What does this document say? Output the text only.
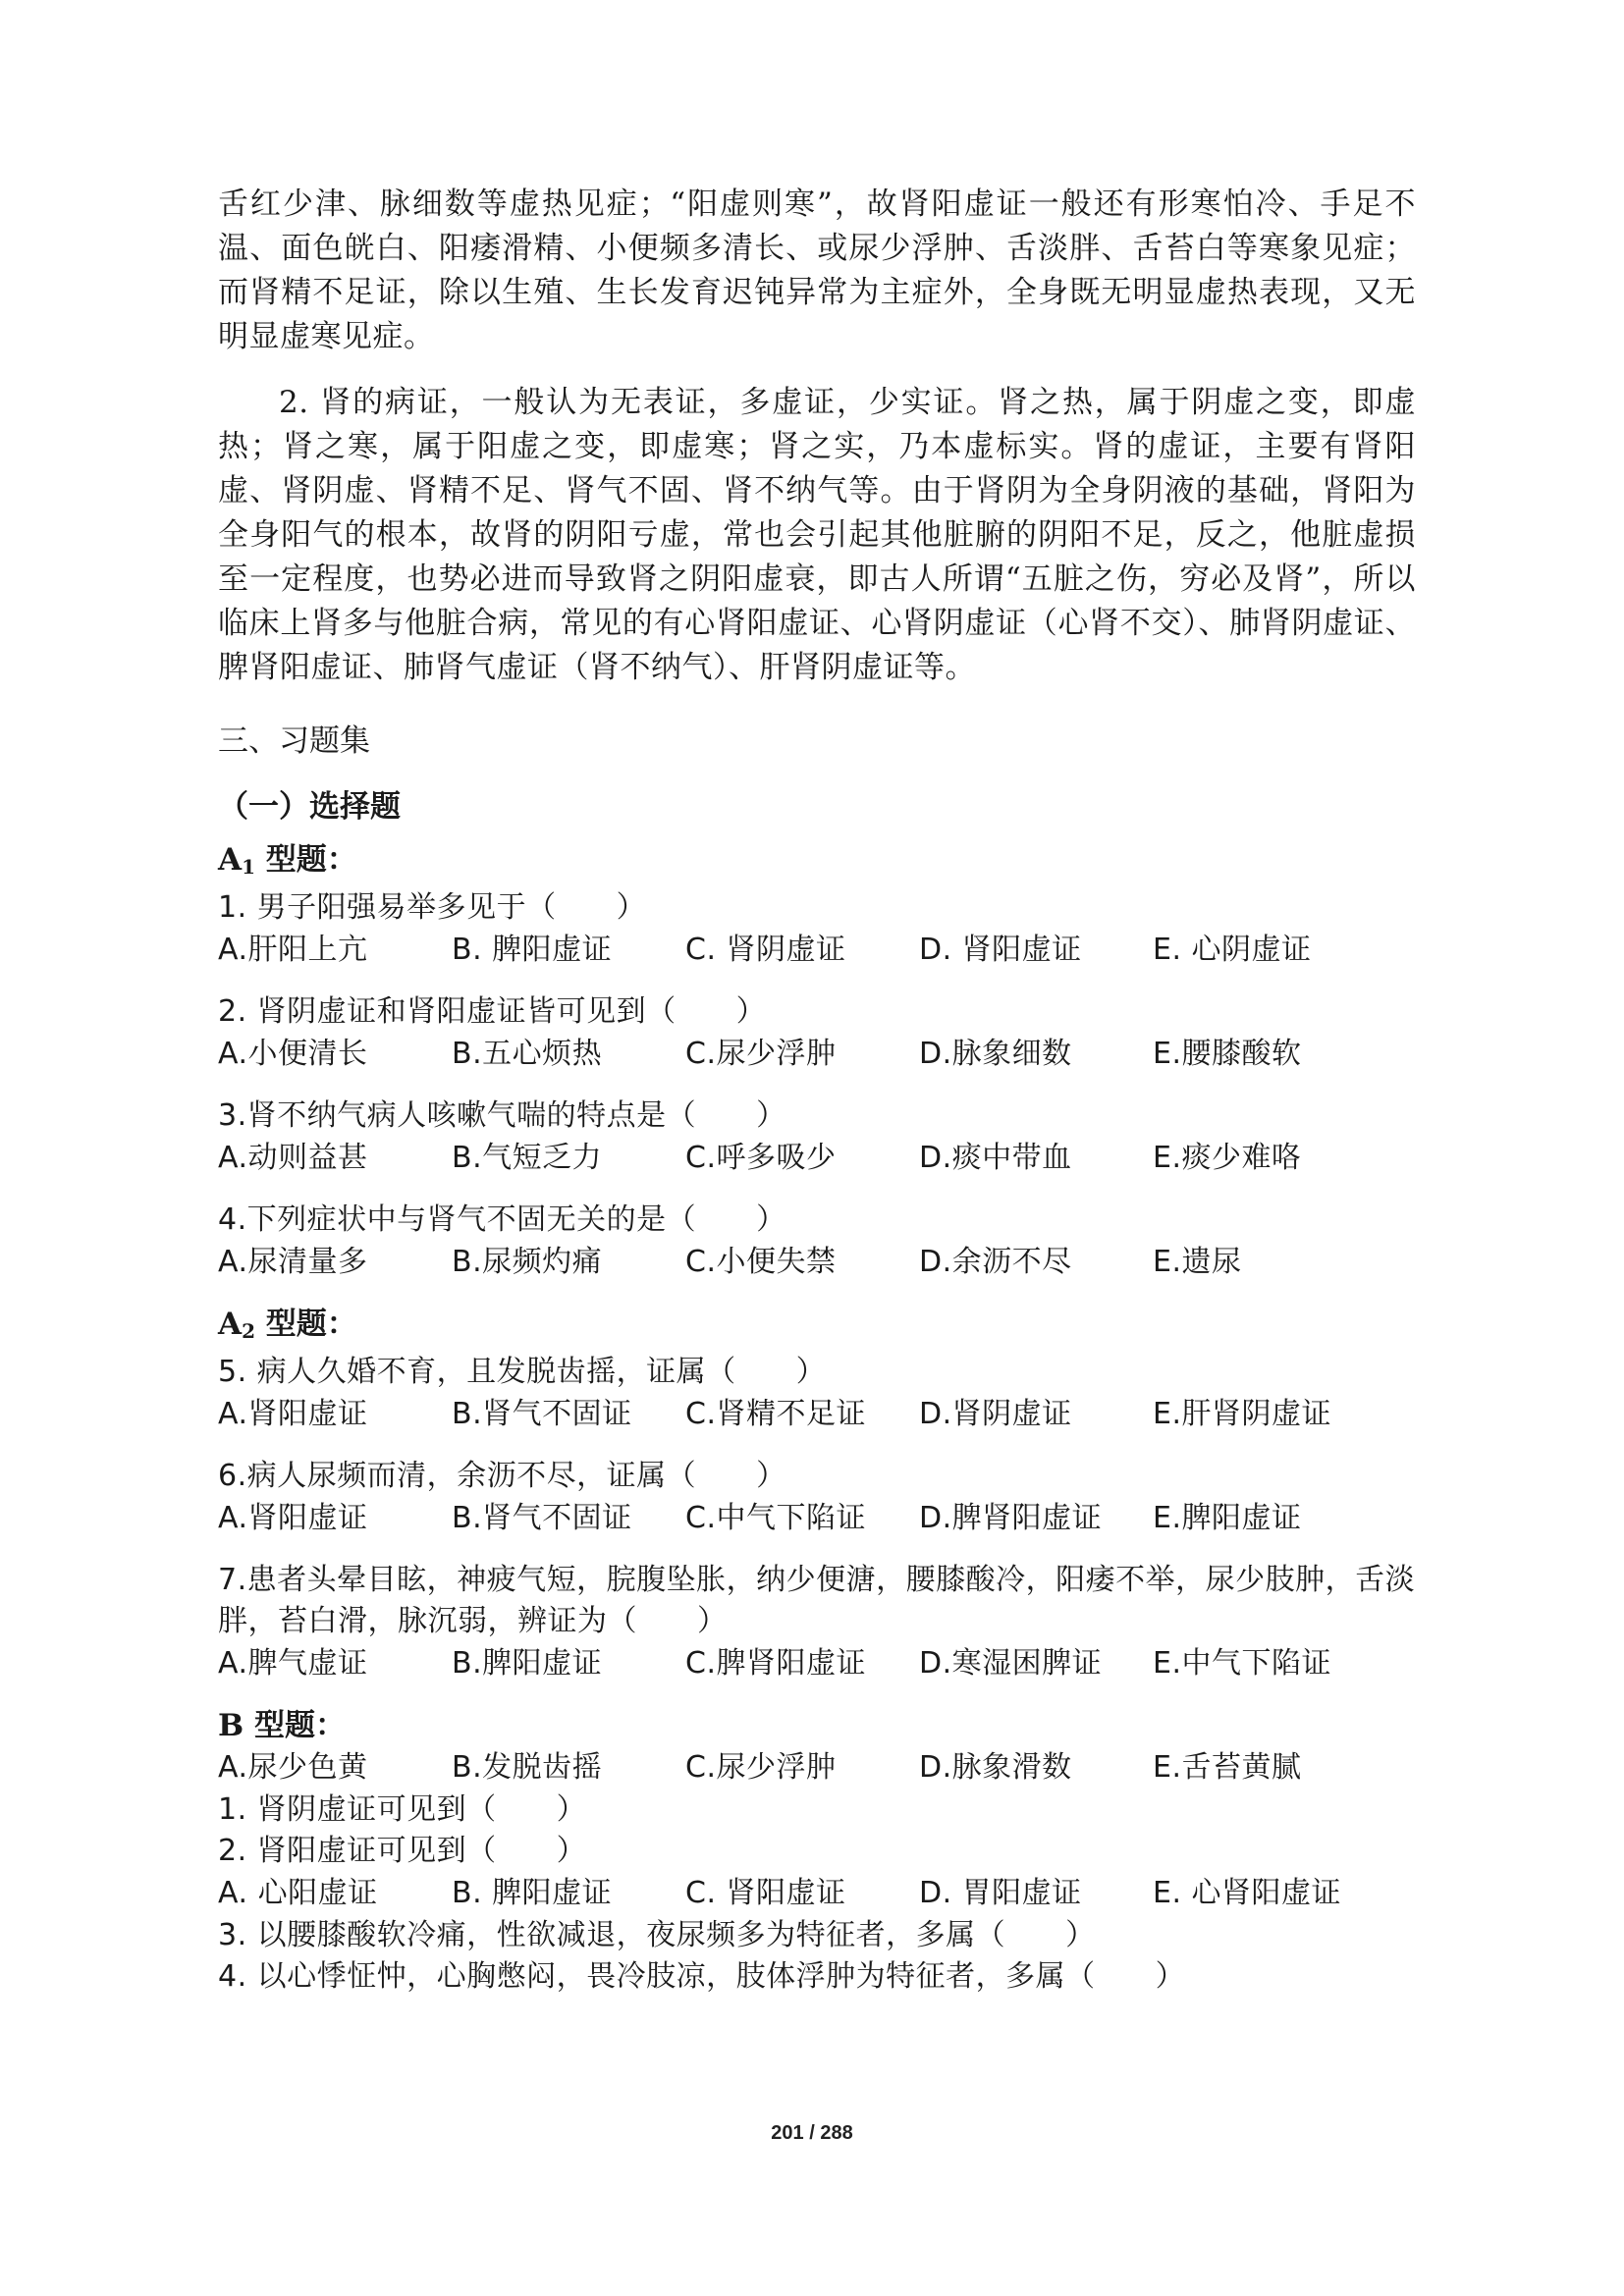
舌红少津、脉细数等虚热见症；“阳虚则寒”，故肾阳虚证一般还有形寒怕冷、手足不温、面色㿠白、阳痿滑精、小便频多清长、或尿少浮肿、舌淡胖、舌苔白等寒象见症；而肾精不足证，除以生殖、生长发育迟钝异常为主症外，全身既无明显虚热表现，又无明显虚寒见症。

2. 肾的病证，一般认为无表证，多虚证，少实证。肾之热，属于阴虚之变，即虚热；肾之寒，属于阳虚之变，即虚寒；肾之实，乃本虚标实。肾的虚证，主要有肾阳虚、肾阴虚、肾精不足、肾气不固、肾不纳气等。由于肾阴为全身阴液的基础，肾阳为全身阳气的根本，故肾的阴阳亏虚，常也会引起其他脏腑的阴阳不足，反之，他脏虚损至一定程度，也势必进而导致肾之阴阳虚衰，即古人所谓“五脏之伤，穷必及肾”，所以临床上肾多与他脏合病，常见的有心肾阳虚证、心肾阴虚证（心肾不交）、肺肾阴虚证、脾肾阳虚证、肺肾气虚证（肾不纳气）、肝肾阴虚证等。

三、习题集
（一）选择题

$A_1$ 型题：

1. 男子阳强易举多见于（　　）

A.肝阳上亢	B. 脾阳虚证	C. 肾阴虚证	D. 肾阳虚证	E. 心阴虚证

2. 肾阴虚证和肾阳虚证皆可见到（　　）

A.小便清长	B.五心烦热	C.尿少浮肿	D.脉象细数	E.腰膝酸软

3.肾不纳气病人咳嗽气喘的特点是（　　）

A.动则益甚	B.气短乏力	C.呼多吸少	D.痰中带血	E.痰少难咯

4.下列症状中与肾气不固无关的是（　　）

A.尿清量多	B.尿频灼痛	C.小便失禁	D.余沥不尽	E.遗尿

$A_2$ 型题：

5. 病人久婚不育，且发脱齿摇，证属（　　）

A.肾阳虚证	B.肾气不固证	C.肾精不足证	D.肾阴虚证	E.肝肾阴虚证

6.病人尿频而清，余沥不尽，证属（　　）

A.肾阳虚证	B.肾气不固证	C.中气下陷证	D.脾肾阳虚证	E.脾阳虚证

7.患者头晕目眩，神疲气短，脘腹坠胀，纳少便溏，腰膝酸冷，阳痿不举，尿少肢肿，舌淡胖，苔白滑，脉沉弱，辨证为（　　）

A.脾气虚证	B.脾阳虚证	C.脾肾阳虚证	D.寒湿困脾证	E.中气下陷证

B 型题：

A.尿少色黄	B.发脱齿摇	C.尿少浮肿	D.脉象滑数	E.舌苔黄腻

1. 肾阴虚证可见到（　　）

2. 肾阳虚证可见到（　　）

A. 心阳虚证	B. 脾阳虚证	C. 肾阳虚证	D. 胃阳虚证	E. 心肾阳虚证

3. 以腰膝酸软冷痛，性欲减退，夜尿频多为特征者，多属（　　）

4. 以心悸怔忡，心胸憋闷，畏冷肢凉，肢体浮肿为特征者，多属（　　）

201 / 288
